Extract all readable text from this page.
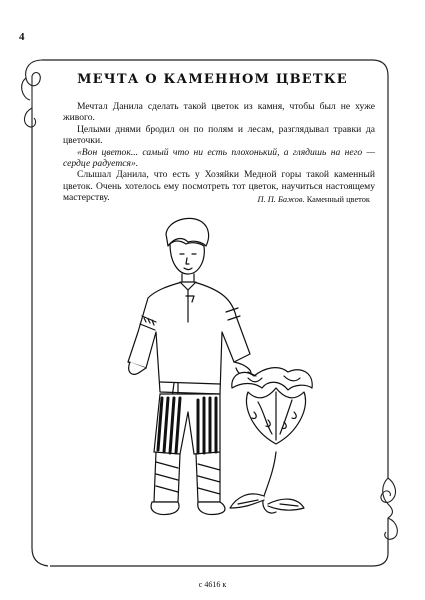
4
МЕЧТА О КАМЕННОМ ЦВЕТКЕ

Мечтал Данила сделать такой цветок из камня, чтобы был не хуже живого.

Целыми днями бродил он по полям и лесам, разглядывал травки да цветочки.

«Вон цветок... самый что ни есть плохонький, а глядишь на него — сердце радуется».

Слышал Данила, что есть у Хозяйки Медной горы такой каменный цветок. Очень хотелось ему посмотреть тот цветок, научиться настоящему мастерству.	П. П. Бажов. Каменный цветок
с 4616 к
